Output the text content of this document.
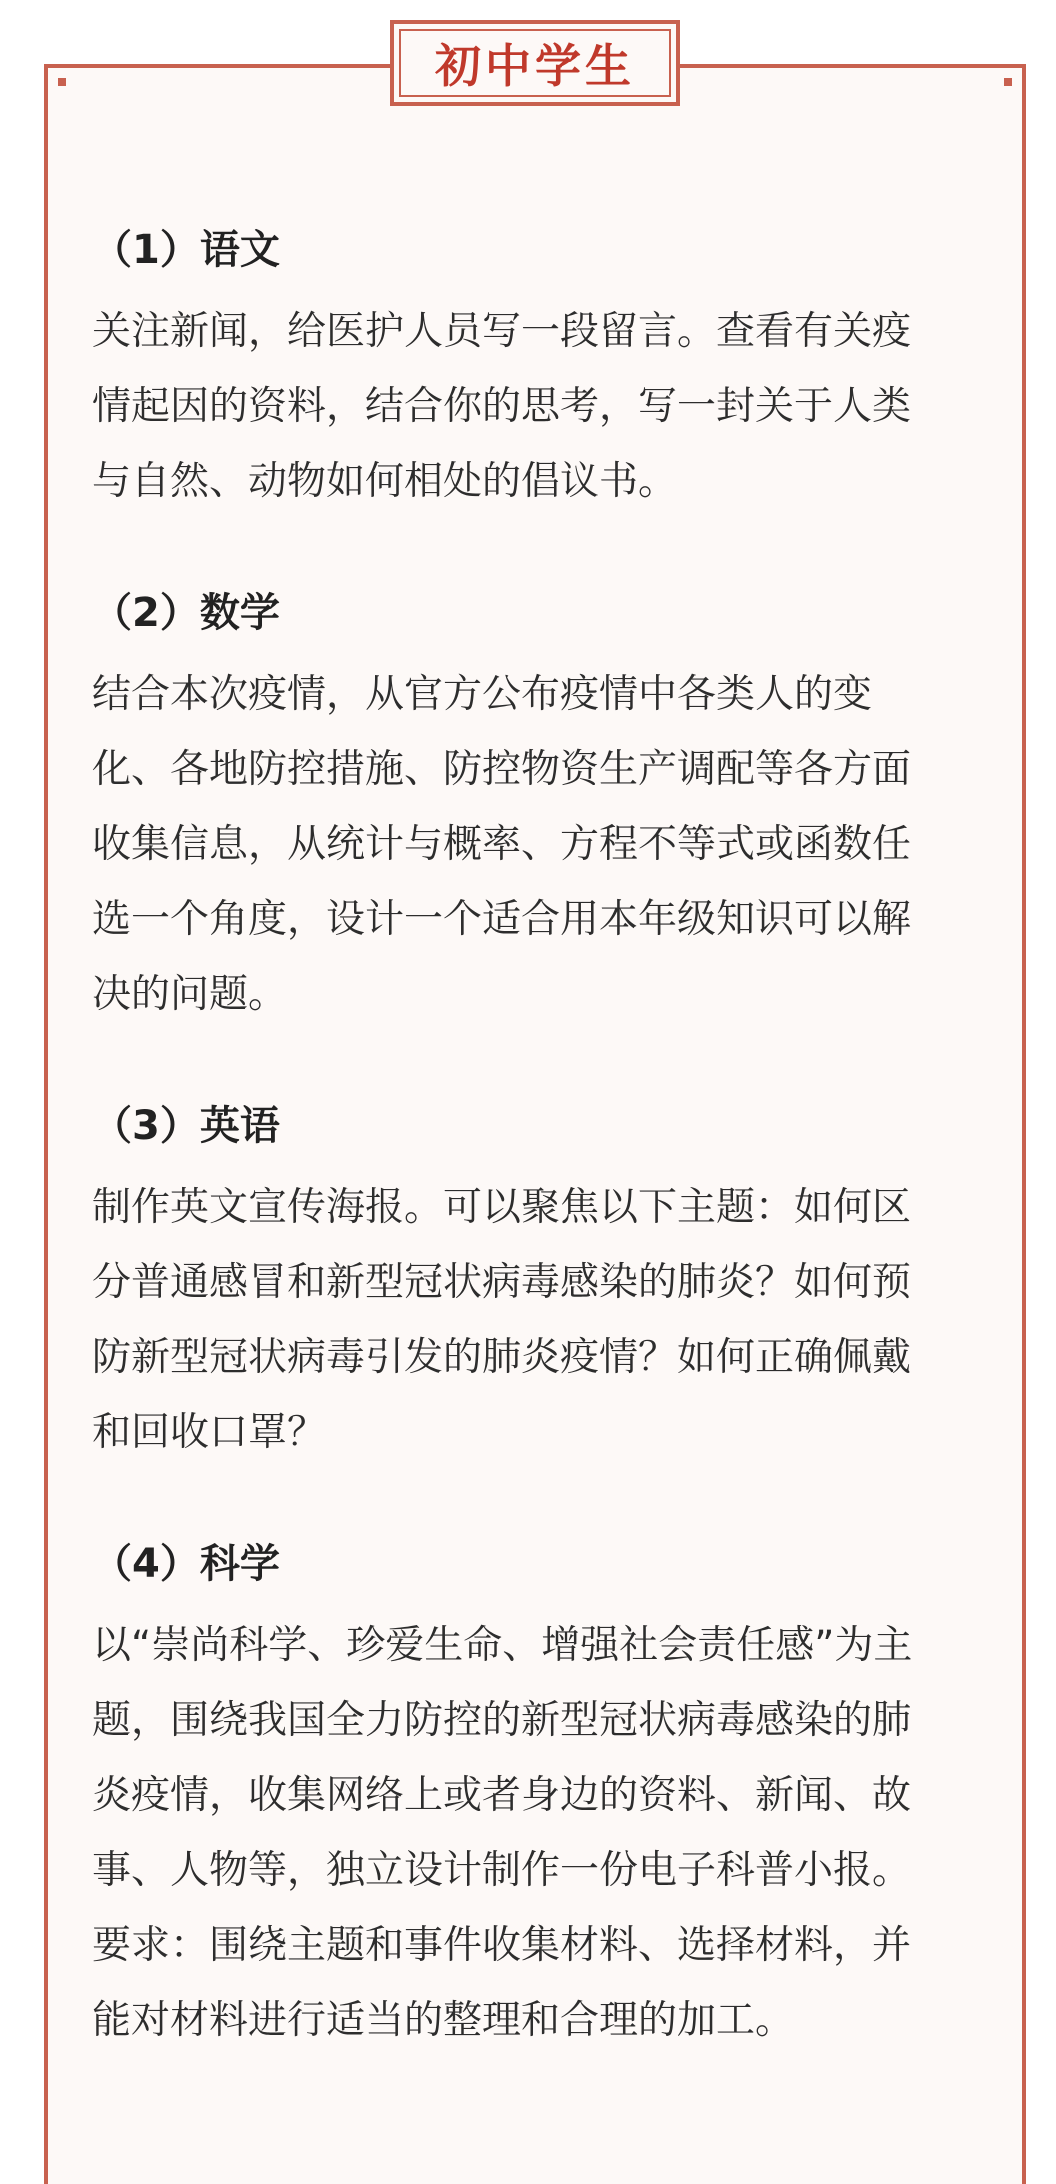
初中学生
（1）语文
关注新闻，给医护人员写一段留言。查看有关疫
情起因的资料，结合你的思考，写一封关于人类
与自然、动物如何相处的倡议书。
（2）数学
结合本次疫情，从官方公布疫情中各类人的变
化、各地防控措施、防控物资生产调配等各方面
收集信息，从统计与概率、方程不等式或函数任
选一个角度，设计一个适合用本年级知识可以解
决的问题。
（3）英语
制作英文宣传海报。可以聚焦以下主题：如何区
分普通感冒和新型冠状病毒感染的肺炎？如何预
防新型冠状病毒引发的肺炎疫情？如何正确佩戴
和回收口罩？
（4）科学
以“崇尚科学、珍爱生命、增强社会责任感”为主
题，围绕我国全力防控的新型冠状病毒感染的肺
炎疫情，收集网络上或者身边的资料、新闻、故
事、人物等，独立设计制作一份电子科普小报。
要求：围绕主题和事件收集材料、选择材料，并
能对材料进行适当的整理和合理的加工。
